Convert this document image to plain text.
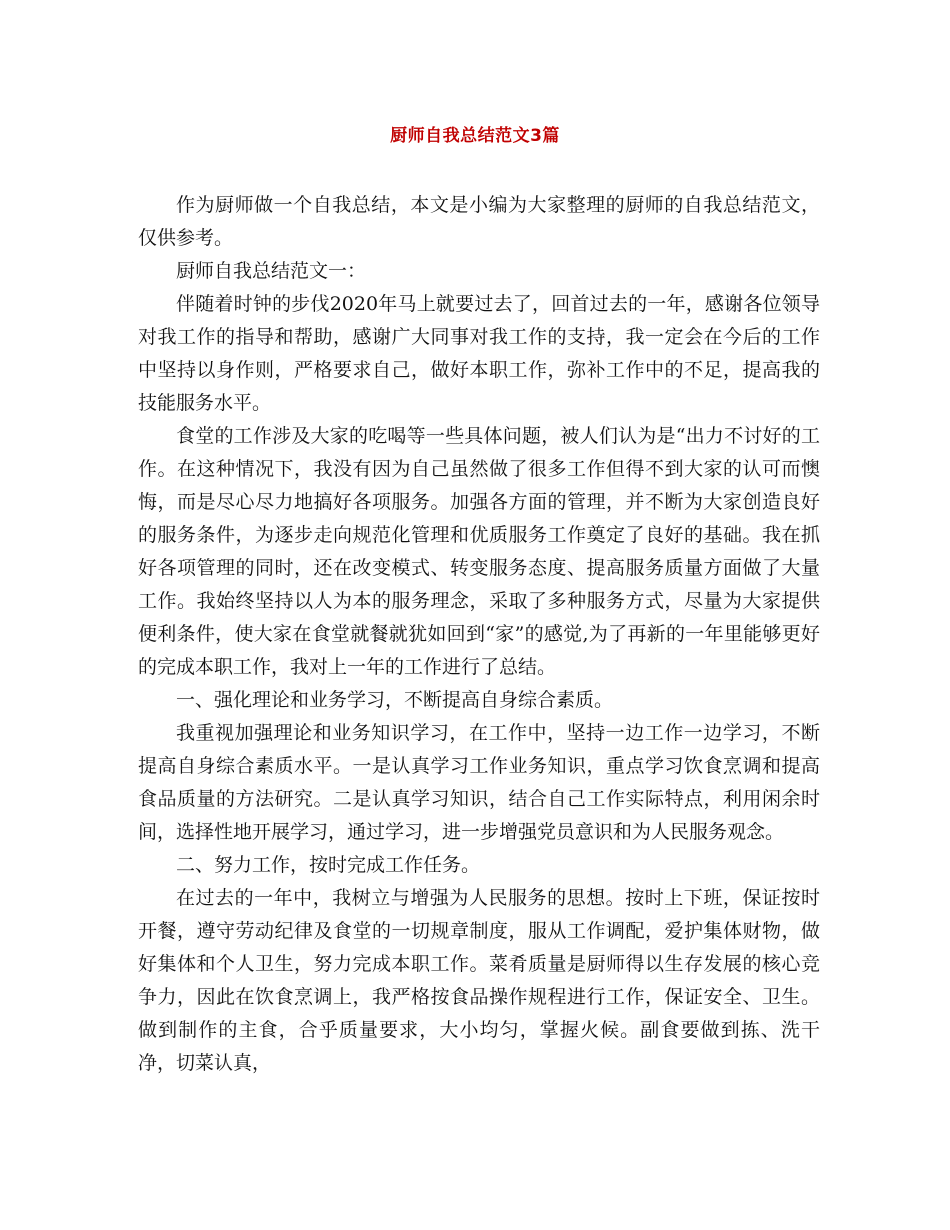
厨师自我总结范文3篇

作为厨师做一个自我总结，本文是小编为大家整理的厨师的自我总结范文，仅供参考。

厨师自我总结范文一：

伴随着时钟的步伐2020年马上就要过去了，回首过去的一年，感谢各位领导对我工作的指导和帮助，感谢广大同事对我工作的支持，我一定会在今后的工作中坚持以身作则，严格要求自己，做好本职工作，弥补工作中的不足，提高我的技能服务水平。

食堂的工作涉及大家的吃喝等一些具体问题，被人们认为是“出力不讨好的工作。在这种情况下，我没有因为自己虽然做了很多工作但得不到大家的认可而懊悔，而是尽心尽力地搞好各项服务。加强各方面的管理，并不断为大家创造良好的服务条件，为逐步走向规范化管理和优质服务工作奠定了良好的基础。我在抓好各项管理的同时，还在改变模式、转变服务态度、提高服务质量方面做了大量工作。我始终坚持以人为本的服务理念，采取了多种服务方式，尽量为大家提供便利条件，使大家在食堂就餐就犹如回到“家”的感觉,为了再新的一年里能够更好的完成本职工作，我对上一年的工作进行了总结。

一、强化理论和业务学习，不断提高自身综合素质。

我重视加强理论和业务知识学习，在工作中，坚持一边工作一边学习，不断提高自身综合素质水平。一是认真学习工作业务知识，重点学习饮食烹调和提高食品质量的方法研究。二是认真学习知识，结合自己工作实际特点，利用闲余时间，选择性地开展学习，通过学习，进一步增强党员意识和为人民服务观念。

二、努力工作，按时完成工作任务。

在过去的一年中，我树立与增强为人民服务的思想。按时上下班，保证按时开餐，遵守劳动纪律及食堂的一切规章制度，服从工作调配，爱护集体财物，做好集体和个人卫生，努力完成本职工作。菜肴质量是厨师得以生存发展的核心竞争力，因此在饮食烹调上，我严格按食品操作规程进行工作，保证安全、卫生。做到制作的主食，合乎质量要求，大小均匀，掌握火候。副食要做到拣、洗干净，切菜认真，
